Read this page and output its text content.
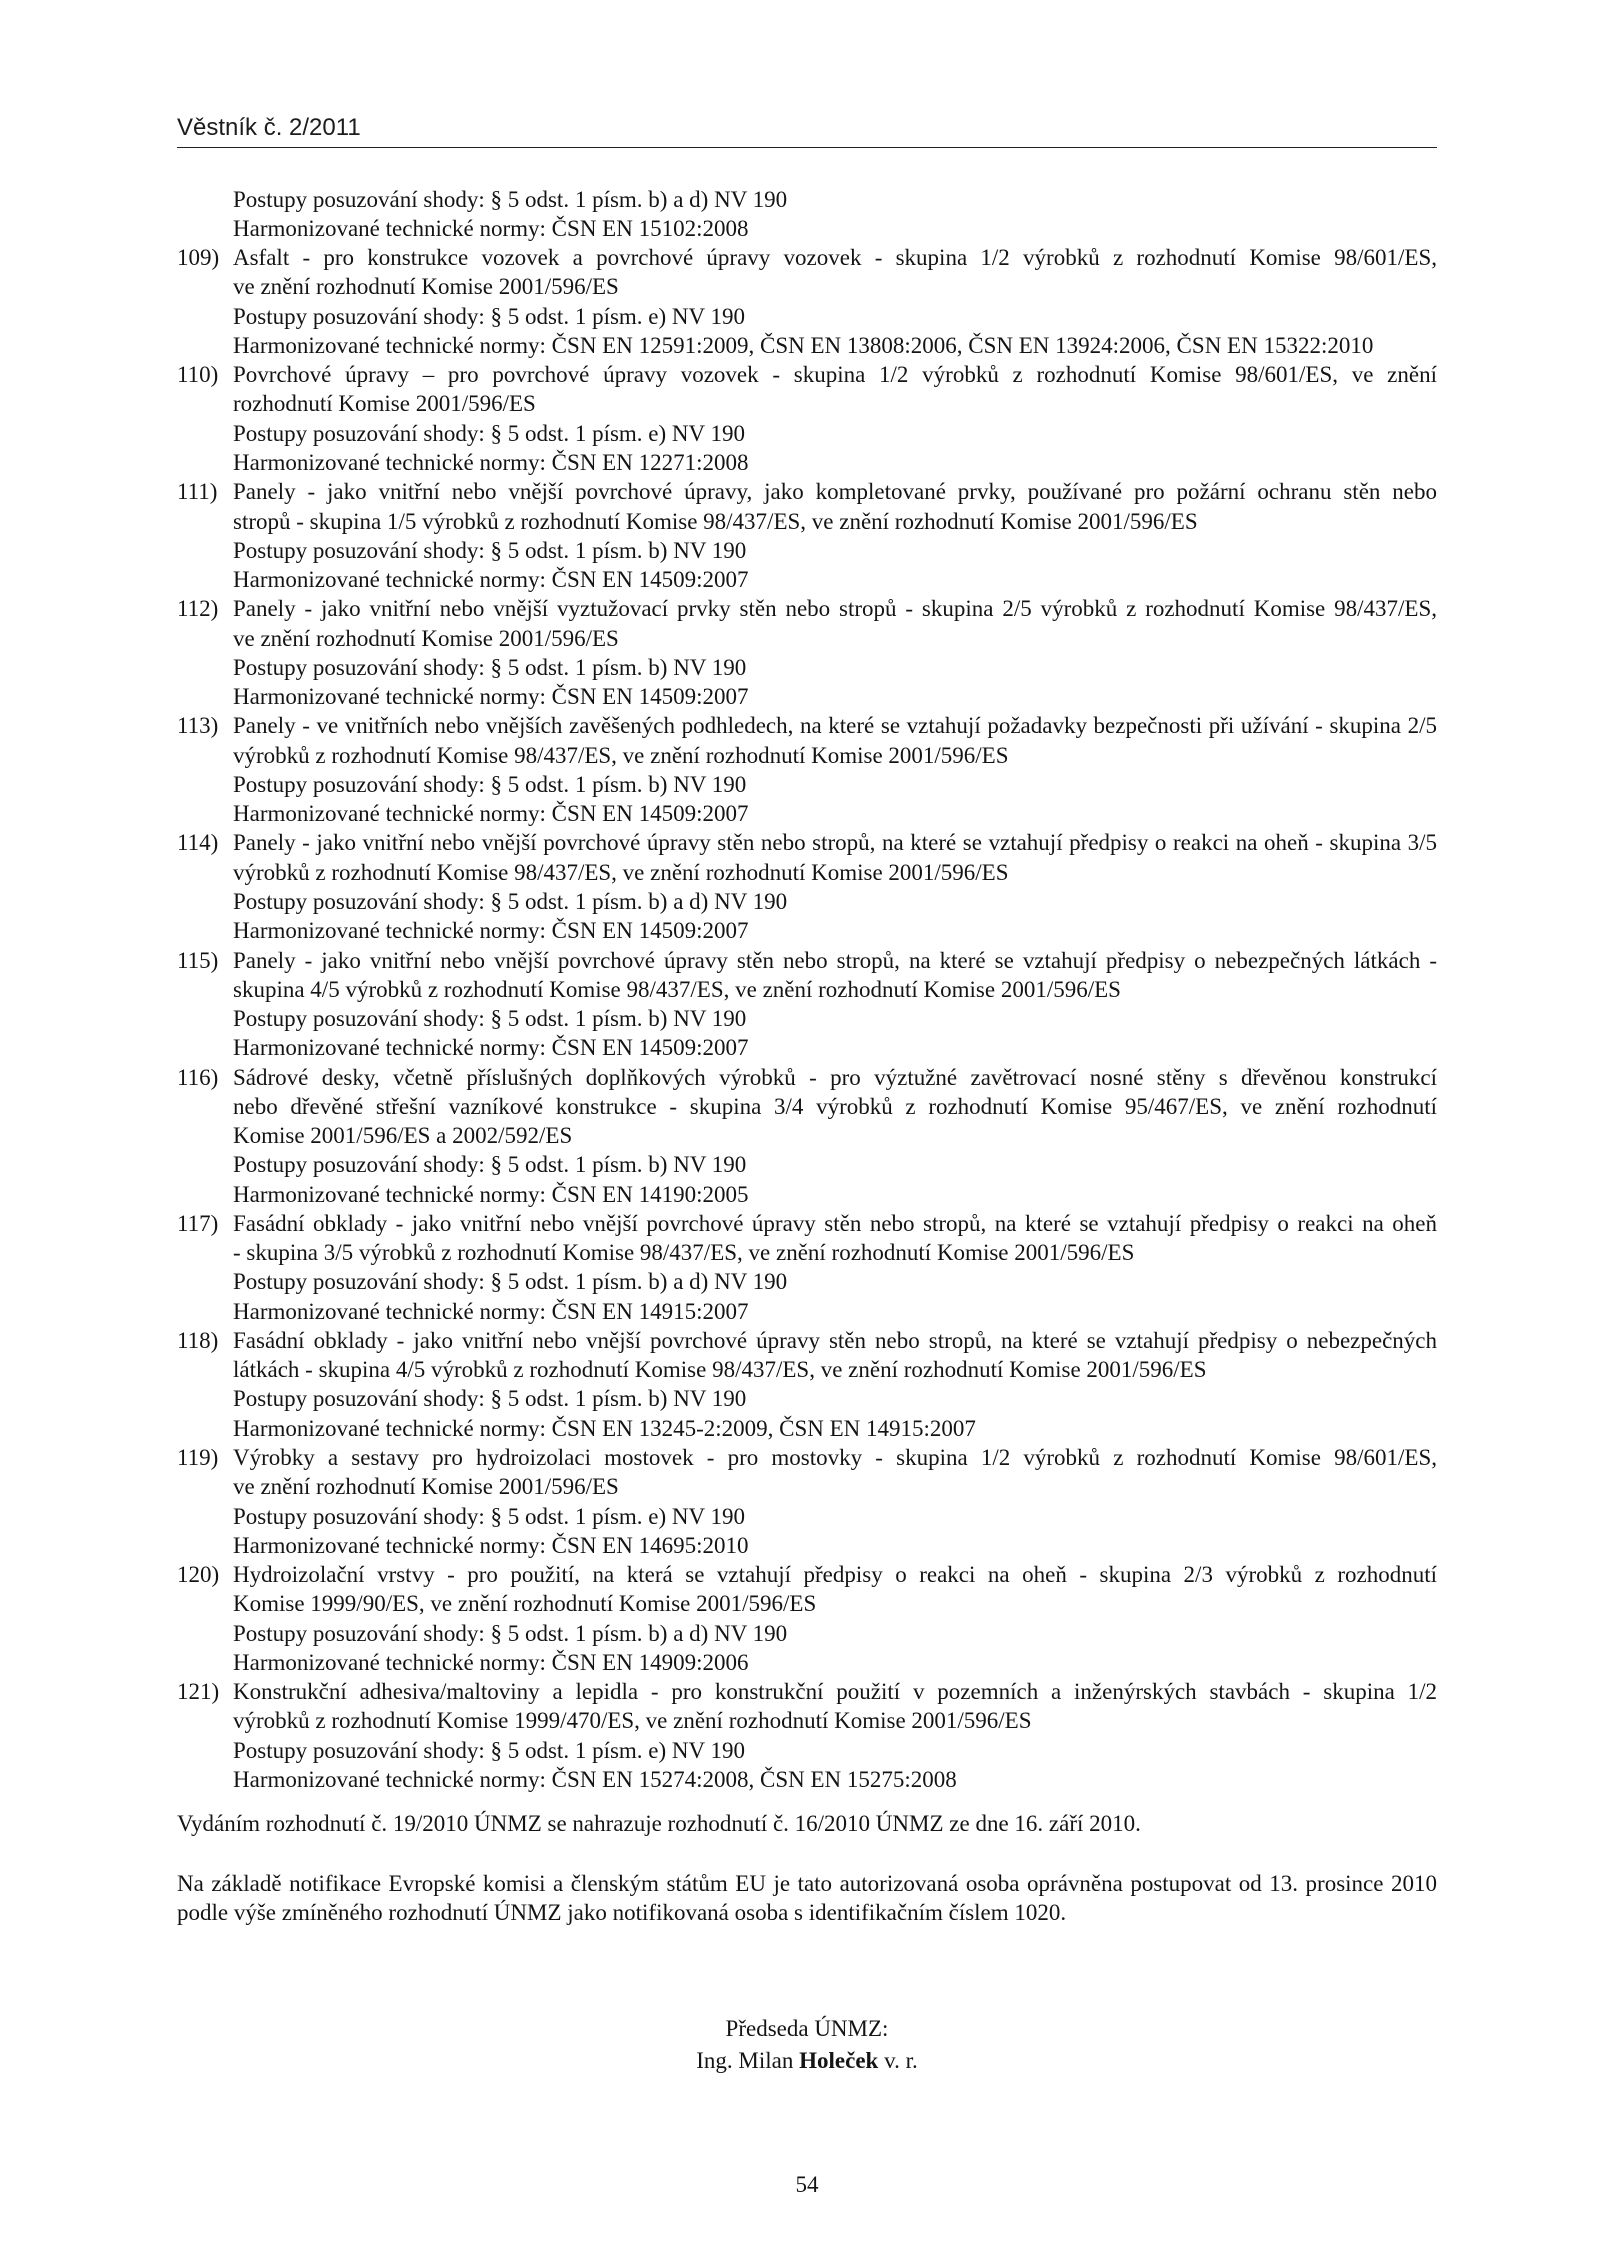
Věstník č. 2/2011
Postupy posuzování shody: § 5 odst. 1 písm. b) a d) NV 190
Harmonizované technické normy: ČSN EN 15102:2008
109) Asfalt - pro konstrukce vozovek a povrchové úpravy vozovek - skupina 1/2 výrobků z rozhodnutí Komise 98/601/ES,
ve znění rozhodnutí Komise 2001/596/ES
Postupy posuzování shody: § 5 odst. 1 písm. e) NV 190
Harmonizované technické normy: ČSN EN 12591:2009, ČSN EN 13808:2006, ČSN EN 13924:2006, ČSN EN 15322:2010
110) Povrchové úpravy – pro povrchové úpravy vozovek - skupina 1/2 výrobků z rozhodnutí Komise 98/601/ES, ve znění
rozhodnutí Komise 2001/596/ES
Postupy posuzování shody: § 5 odst. 1 písm. e) NV 190
Harmonizované technické normy: ČSN EN 12271:2008
111) Panely - jako vnitřní nebo vnější povrchové úpravy, jako kompletované prvky, používané pro požární ochranu stěn nebo
stropů - skupina 1/5 výrobků z rozhodnutí Komise 98/437/ES, ve znění rozhodnutí Komise 2001/596/ES
Postupy posuzování shody: § 5 odst. 1 písm. b) NV 190
Harmonizované technické normy: ČSN EN 14509:2007
112) Panely - jako vnitřní nebo vnější vyztužovací prvky stěn nebo stropů - skupina 2/5 výrobků z rozhodnutí Komise 98/437/ES,
ve znění rozhodnutí Komise 2001/596/ES
Postupy posuzování shody: § 5 odst. 1 písm. b) NV 190
Harmonizované technické normy: ČSN EN 14509:2007
113) Panely - ve vnitřních nebo vnějších zavěšených podhledech, na které se vztahují požadavky bezpečnosti při užívání - skupina 2/5
výrobků z rozhodnutí Komise 98/437/ES, ve znění rozhodnutí Komise 2001/596/ES
Postupy posuzování shody: § 5 odst. 1 písm. b) NV 190
Harmonizované technické normy: ČSN EN 14509:2007
114) Panely - jako vnitřní nebo vnější povrchové úpravy stěn nebo stropů, na které se vztahují předpisy o reakci na oheň - skupina 3/5
výrobků z rozhodnutí Komise 98/437/ES, ve znění rozhodnutí Komise 2001/596/ES
Postupy posuzování shody: § 5 odst. 1 písm. b) a d) NV 190
Harmonizované technické normy: ČSN EN 14509:2007
115) Panely - jako vnitřní nebo vnější povrchové úpravy stěn nebo stropů, na které se vztahují předpisy o nebezpečných látkách -
skupina 4/5 výrobků z rozhodnutí Komise 98/437/ES, ve znění rozhodnutí Komise 2001/596/ES
Postupy posuzování shody: § 5 odst. 1 písm. b) NV 190
Harmonizované technické normy: ČSN EN 14509:2007
116) Sádrové desky, včetně příslušných doplňkových výrobků - pro výztužné zavětrovací nosné stěny s dřevěnou konstrukcí
nebo dřevěné střešní vazníkové konstrukce - skupina 3/4 výrobků z rozhodnutí Komise 95/467/ES, ve znění rozhodnutí
Komise 2001/596/ES a 2002/592/ES
Postupy posuzování shody: § 5 odst. 1 písm. b) NV 190
Harmonizované technické normy: ČSN EN 14190:2005
117) Fasádní obklady - jako vnitřní nebo vnější povrchové úpravy stěn nebo stropů, na které se vztahují předpisy o reakci na oheň
- skupina 3/5 výrobků z rozhodnutí Komise 98/437/ES, ve znění rozhodnutí Komise 2001/596/ES
Postupy posuzování shody: § 5 odst. 1 písm. b) a d) NV 190
Harmonizované technické normy: ČSN EN 14915:2007
118) Fasádní obklady - jako vnitřní nebo vnější povrchové úpravy stěn nebo stropů, na které se vztahují předpisy o nebezpečných
látkách - skupina 4/5 výrobků z rozhodnutí Komise 98/437/ES, ve znění rozhodnutí Komise 2001/596/ES
Postupy posuzování shody: § 5 odst. 1 písm. b) NV 190
Harmonizované technické normy: ČSN EN 13245-2:2009, ČSN EN 14915:2007
119) Výrobky a sestavy pro hydroizolaci mostovek - pro mostovky - skupina 1/2 výrobků z rozhodnutí Komise 98/601/ES,
ve znění rozhodnutí Komise 2001/596/ES
Postupy posuzování shody: § 5 odst. 1 písm. e) NV 190
Harmonizované technické normy: ČSN EN 14695:2010
120) Hydroizolační vrstvy - pro použití, na která se vztahují předpisy o reakci na oheň - skupina 2/3 výrobků z rozhodnutí
Komise 1999/90/ES, ve znění rozhodnutí Komise 2001/596/ES
Postupy posuzování shody: § 5 odst. 1 písm. b) a d) NV 190
Harmonizované technické normy: ČSN EN 14909:2006
121) Konstrukční adhesiva/maltoviny a lepidla - pro konstrukční použití v pozemních a inženýrských stavbách - skupina 1/2
výrobků z rozhodnutí Komise 1999/470/ES, ve znění rozhodnutí Komise 2001/596/ES
Postupy posuzování shody: § 5 odst. 1 písm. e) NV 190
Harmonizované technické normy: ČSN EN 15274:2008, ČSN EN 15275:2008
Vydáním rozhodnutí č. 19/2010 ÚNMZ se nahrazuje rozhodnutí č. 16/2010 ÚNMZ ze dne 16. září 2010.
Na základě notifikace Evropské komisi a členským státům EU je tato autorizovaná osoba oprávněna postupovat od 13. prosince 2010
podle výše zmíněného rozhodnutí ÚNMZ jako notifikovaná osoba s identifikačním číslem 1020.
Předseda ÚNMZ:
Ing. Milan Holeček v. r.
54
